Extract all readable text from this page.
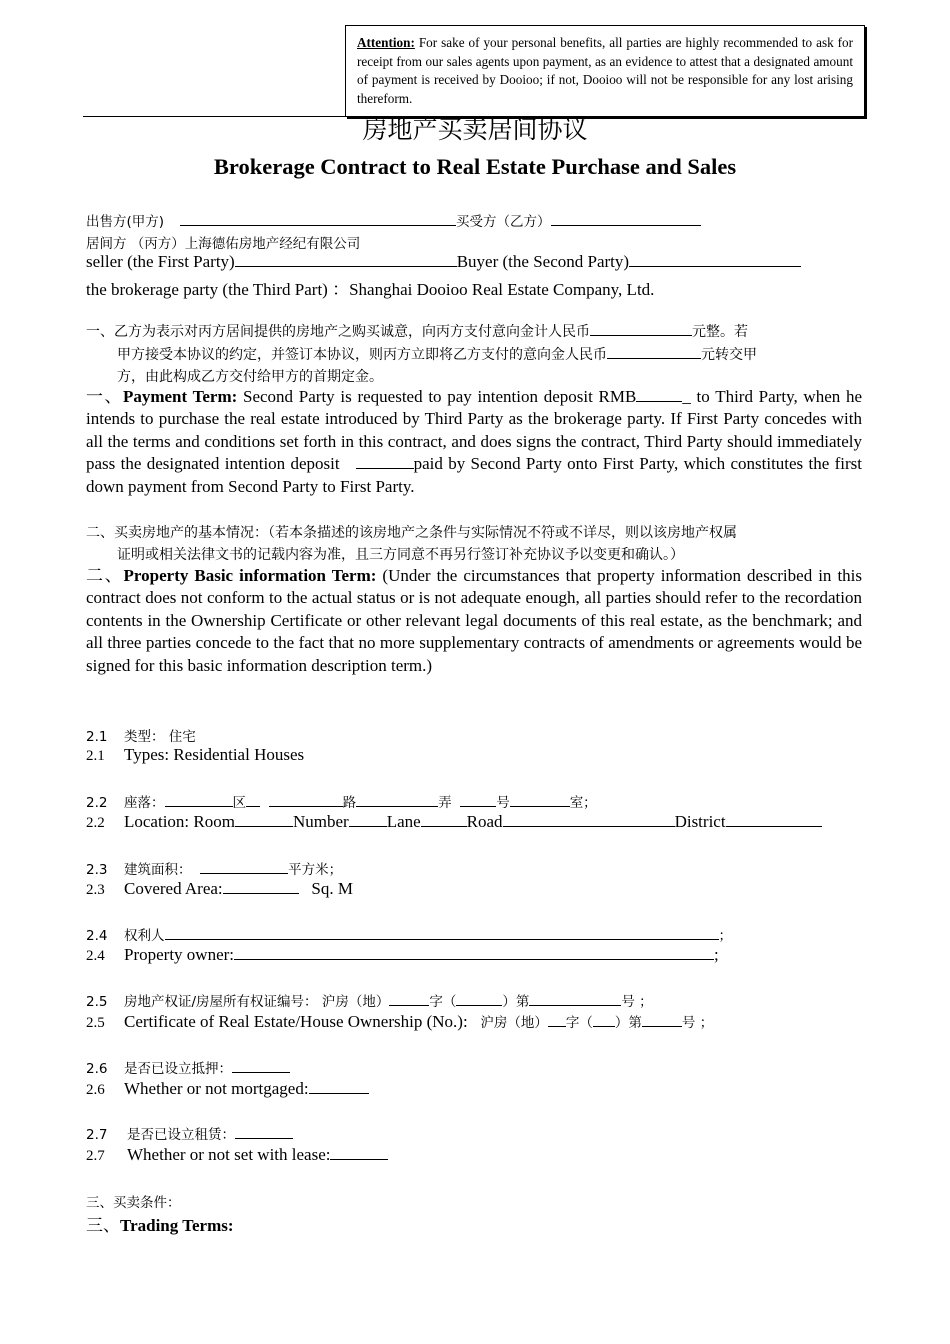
Attention: For sake of your personal benefits, all parties are highly recommended to ask for receipt from our sales agents upon payment, as an evidence to attest that a designated amount of payment is received by Dooioo; if not, Dooioo will not be responsible for any lost arising thereform.

房地产买卖居间协议
Brokerage Contract to Real Estate Purchase and Sales
出售方(甲方)	买受方（乙方）
居间方 （丙方）上海德佑房地产经纪有限公司
seller (the First Party)	Buyer (the Second Party)
the brokerage party (the Third Part) ：Shanghai Dooioo Real Estate Company, Ltd.
一、乙方为表示对丙方居间提供的房地产之购买诚意，向丙方支付意向金计人民币	元整。若
甲方接受本协议的约定，并签订本协议，则丙方立即将乙方支付的意向金人民币	元转交甲
方，由此构成乙方交付给甲方的首期定金。
一、Payment Term: Second Party is requested to pay intention deposit RMB	_ to Third Party, when he intends to purchase the real estate introduced by Third Party as the brokerage party. If First Party concedes with all the terms and conditions set forth in this contract, and does signs the contract, Third Party should immediately pass the designated intention deposit	paid by Second Party onto First Party, which constitutes the first down payment from Second Party to First Party.
二、买卖房地产的基本情况：（若本条描述的该房地产之条件与实际情况不符或不详尽，则以该房地产权属
证明或相关法律文书的记载内容为准，且三方同意不再另行签订补充协议予以变更和确认。）
二、Property Basic information Term: (Under the circumstances that property information described in this contract does not conform to the actual status or is not adequate enough, all parties should refer to the recordation contents in the Ownership Certificate or other relevant legal documents of this real estate, as the benchmark; and all three parties concede to the fact that no more supplementary contracts of amendments or agreements would be signed for this basic information description term.)
2.1 类型： 住宅
2.1 Types: Residential Houses
2.2 座落：	区	路	弄	号	室；
2.2 Location: Room	Number Lane	Road	District
2.3 建筑面积：	平方米；
2.3 Covered Area:	Sq. M
2.4 权利人	；
2.4 Property owner:	;
2.5 房地产权证/房屋所有权证编号： 沪房（地）	字（	）第	号 ；
2.5 Certificate of Real Estate/House Ownership (No.): 沪房（地） 字（ ）第	号 ；
2.6 是否已设立抵押：
2.6 Whether or not mortgaged:
2.7 是否已设立租赁：
2.7 Whether or not set with lease:
三、买卖条件：
三、Trading Terms:
